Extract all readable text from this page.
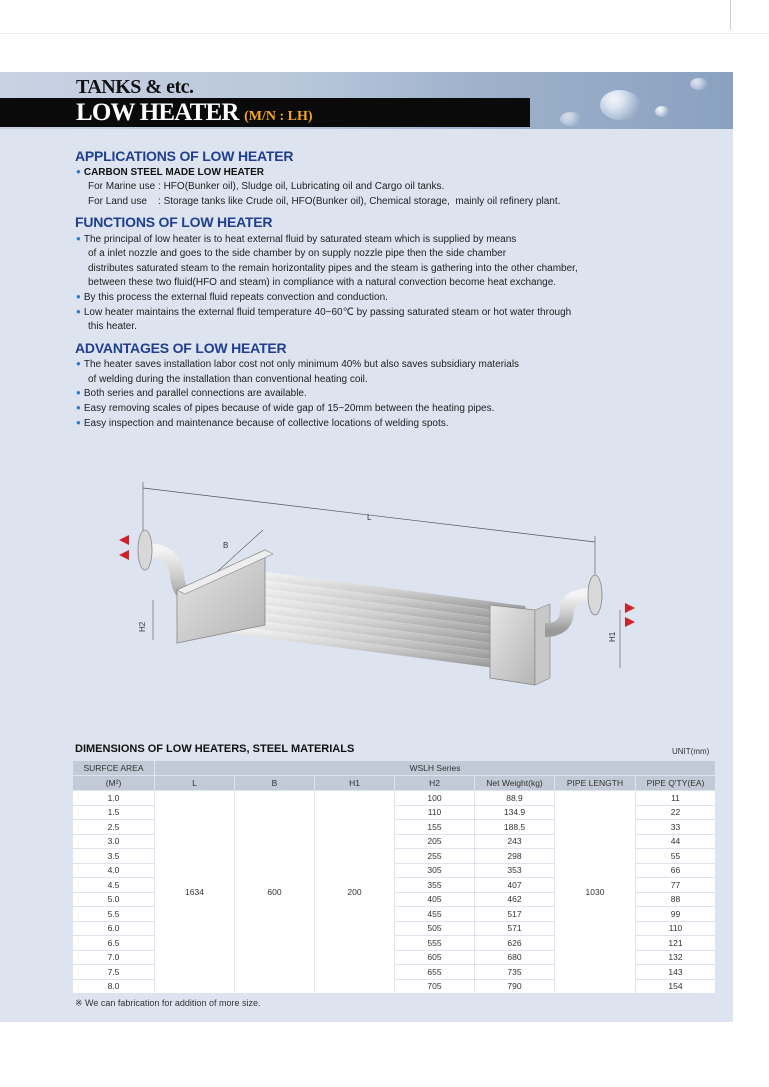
TANKS & etc.
LOW HEATER (M/N : LH)
APPLICATIONS OF LOW HEATER
● CARBON STEEL MADE LOW HEATER
For Marine use : HFO(Bunker oil), Sludge oil, Lubricating oil and Cargo oil tanks.
For Land use    : Storage tanks like Crude oil, HFO(Bunker oil), Chemical storage,  mainly oil refinery plant.
FUNCTIONS OF LOW HEATER
● The principal of low heater is to heat external fluid by saturated steam which is supplied by means
of a inlet nozzle and goes to the side chamber by on supply nozzle pipe then the side chamber
distributes saturated steam to the remain horizontality pipes and the steam is gathering into the other chamber,
between these two fluid(HFO and steam) in compliance with a natural convection become heat exchange.
● By this process the external fluid repeats convection and conduction.
● Low heater maintains the external fluid temperature 40~60℃ by passing saturated steam or hot water through
this heater.
ADVANTAGES OF LOW HEATER
● The heater saves installation labor cost not only minimum 40% but also saves subsidiary materials
of welding during the installation than conventional heating coil.
● Both series and parallel connections are available.
● Easy removing scales of pipes because of wide gap of 15~20mm between the heating pipes.
● Easy inspection and maintenance because of collective locations of welding spots.
L
B
H2
H1
DIMENSIONS OF LOW HEATERS, STEEL MATERIALS	UNIT(mm)
SURFCE AREA	WSLH Series						
(M²)	L	B	H1	H2	Net Weight(kg)	PIPE LENGTH	PIPE Q'TY(EA)
1.0	1634	600	200	100	88.9	1030	11
1.5				110	134.9		22
2.5				155	188.5		33
3.0				205	243		44
3.5				255	298		55
4.0				305	353		66
4.5				355	407		77
5.0				405	462		88
5.5				455	517		99
6.0				505	571		110
6.5				555	626		121
7.0				605	680		132
7.5				655	735		143
8.0				705	790		154
※ We can fabrication for addition of more size.
